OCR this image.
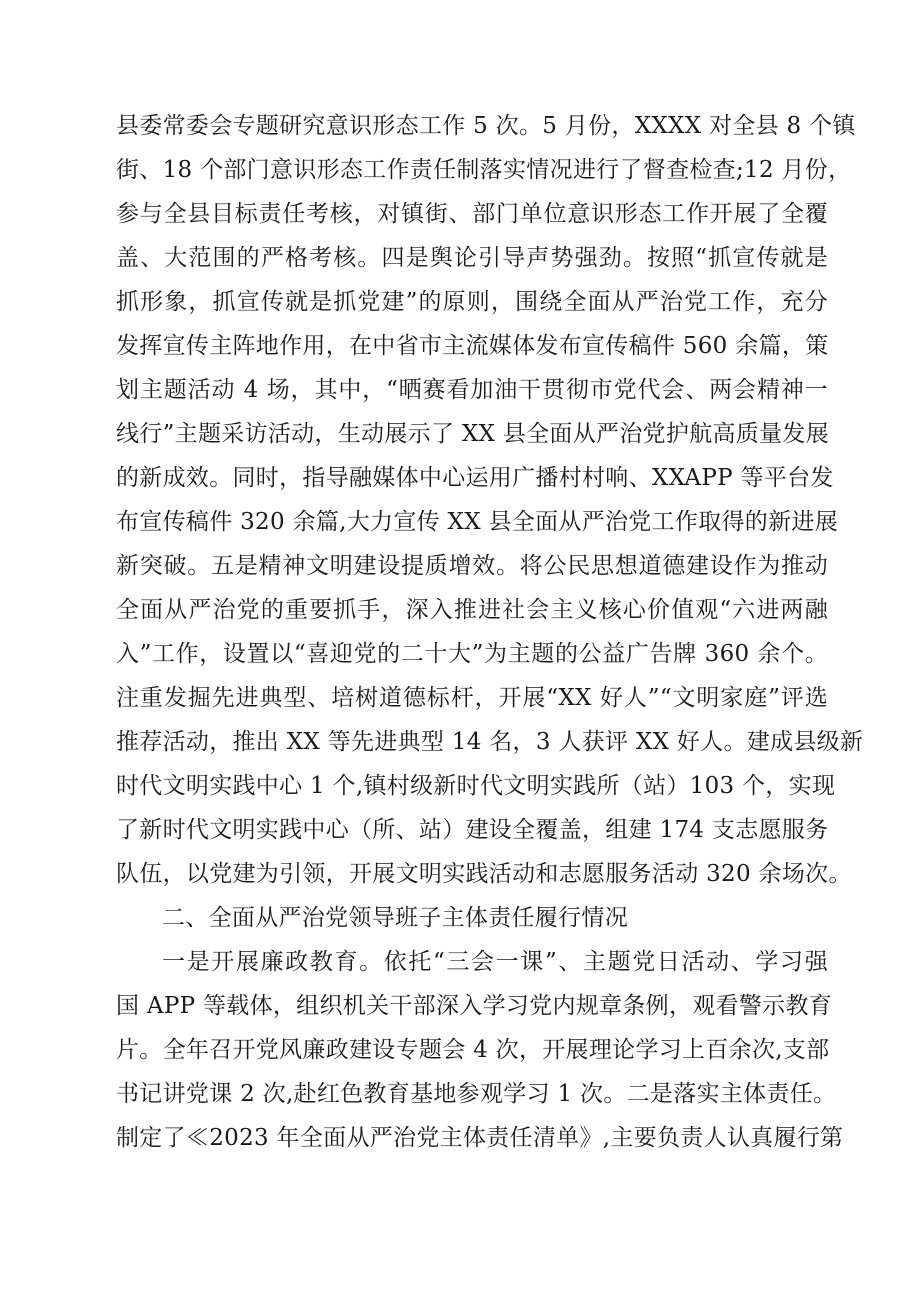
县委常委会专题研究意识形态工作 5 次。5 月份，XXXX 对全县 8 个镇
街、18 个部门意识形态工作责任制落实情况进行了督查检查;12 月份，
参与全县目标责任考核，对镇街、部门单位意识形态工作开展了全覆
盖、大范围的严格考核。四是舆论引导声势强劲。按照“抓宣传就是
抓形象，抓宣传就是抓党建”的原则，围绕全面从严治党工作，充分
发挥宣传主阵地作用，在中省市主流媒体发布宣传稿件 560 余篇，策
划主题活动 4 场，其中，“晒赛看加油干贯彻市党代会、两会精神一
线行”主题采访活动，生动展示了 XX 县全面从严治党护航高质量发展
的新成效。同时，指导融媒体中心运用广播村村响、XXAPP 等平台发
布宣传稿件 320 余篇,大力宣传 XX 县全面从严治党工作取得的新进展
新突破。五是精神文明建设提质增效。将公民思想道德建设作为推动
全面从严治党的重要抓手，深入推进社会主义核心价值观“六进两融
入”工作，设置以“喜迎党的二十大”为主题的公益广告牌 360 余个。
注重发掘先进典型、培树道德标杆，开展“XX 好人”“文明家庭”评选
推荐活动，推出 XX 等先进典型 14 名，3 人获评 XX 好人。建成县级新
时代文明实践中心 1 个,镇村级新时代文明实践所（站）103 个，实现
了新时代文明实践中心（所、站）建设全覆盖，组建 174 支志愿服务
队伍，以党建为引领，开展文明实践活动和志愿服务活动 320 余场次。
二、全面从严治党领导班子主体责任履行情况
一是开展廉政教育。依托“三会一课”、主题党日活动、学习强
国 APP 等载体，组织机关干部深入学习党内规章条例，观看警示教育
片。全年召开党风廉政建设专题会 4 次，开展理论学习上百余次,支部
书记讲党课 2 次,赴红色教育基地参观学习 1 次。二是落实主体责任。
制定了≪2023 年全面从严治党主体责任清单》,主要负责人认真履行第
